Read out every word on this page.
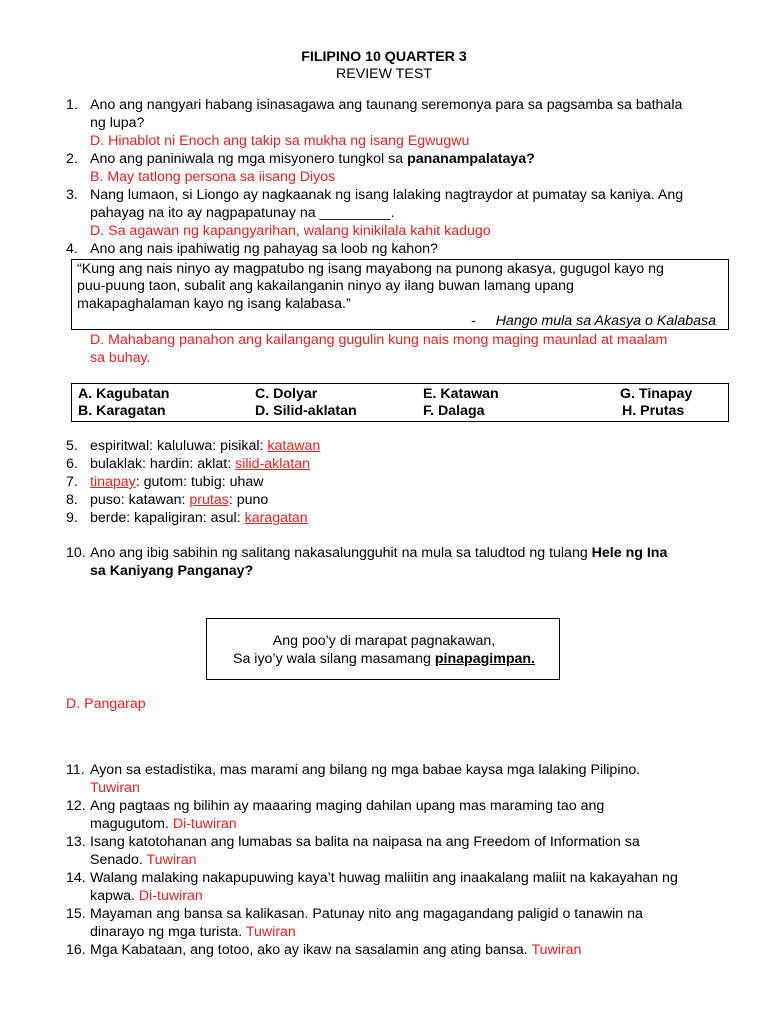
FILIPINO 10 QUARTER 3
REVIEW TEST
1. Ano ang nangyari habang isinasagawa ang taunang seremonya para sa pagsamba sa bathala
ng lupa?
D. Hinablot ni Enoch ang takip sa mukha ng isang Egwugwu
2. Ano ang paniniwala ng mga misyonero tungkol sa pananampalataya?
B. May tatlong persona sa iisang Diyos
3. Nang lumaon, si Liongo ay nagkaanak ng isang lalaking nagtraydor at pumatay sa kaniya. Ang
pahayag na ito ay nagpapatunay na _________.
D. Sa agawan ng kapangyarihan, walang kinikilala kahit kadugo
4. Ano ang nais ipahiwatig ng pahayag sa loob ng kahon?
“Kung ang nais ninyo ay magpatubo ng isang mayabong na punong akasya, gugugol kayo ng
puu-puung taon, subalit ang kakailanganin ninyo ay ilang buwan lamang upang
makapaghalaman kayo ng isang kalabasa.”
- Hango mula sa Akasya o Kalabasa
D. Mahabang panahon ang kailangang gugulin kung nais mong maging maunlad at maalam
sa buhay.
A. Kagubatan
B. Karagatan
C. Dolyar
D. Silid-aklatan
E. Katawan
F. Dalaga
G. Tinapay
H. Prutas
5. espiritwal: kaluluwa: pisikal: katawan
6. bulaklak: hardin: aklat: silid-aklatan
7. tinapay: gutom: tubig: uhaw
8. puso: katawan: prutas: puno
9. berde: kapaligiran: asul: karagatan
10. Ano ang ibig sabihin ng salitang nakasalungguhit na mula sa taludtod ng tulang Hele ng Ina
sa Kaniyang Panganay?
Ang poo’y di marapat pagnakawan,
Sa iyo’y wala silang masamang pinapagimpan.
D. Pangarap
11. Ayon sa estadistika, mas marami ang bilang ng mga babae kaysa mga lalaking Pilipino.
Tuwiran
12. Ang pagtaas ng bilihin ay maaaring maging dahilan upang mas maraming tao ang
magugutom. Di-tuwiran
13. Isang katotohanan ang lumabas sa balita na naipasa na ang Freedom of Information sa
Senado. Tuwiran
14. Walang malaking nakapupuwing kaya’t huwag maliitin ang inaakalang maliit na kakayahan ng
kapwa. Di-tuwiran
15. Mayaman ang bansa sa kalikasan. Patunay nito ang magagandang paligid o tanawin na
dinarayo ng mga turista. Tuwiran
16. Mga Kabataan, ang totoo, ako ay ikaw na sasalamin ang ating bansa. Tuwiran
